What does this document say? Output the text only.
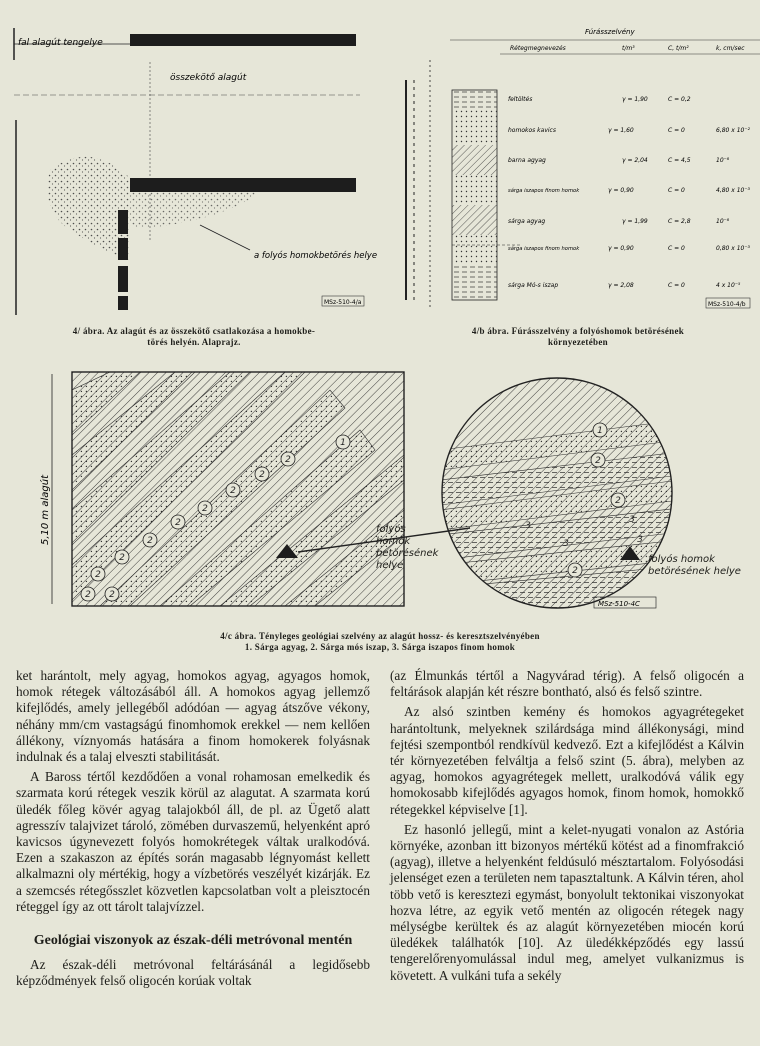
fal alagút tengelye
összekötő alagút
a folyós homokbetörés helye
MSz-510-4/a
4/ ábra. Az alagút és az összekötő csatlakozása a homokbe-
törés helyén. Alaprajz.
Fúrásszelvény
Rétegmegnevezés	t/m³	C, t/m²	k, cm/sec
feltöltés	γ = 1,90	C = 0,2
homokos kavics	γ = 1,60	C = 0	6,80 x 10⁻²
barna agyag	γ = 2,04	C = 4,5	10⁻⁸
sárga iszapos finom homok	γ = 0,90	C = 0	4,80 x 10⁻³
sárga agyag	γ = 1,99	C = 2,8	10⁻⁸
sárga iszapos finom homok	γ = 0,90	C = 0	0,80 x 10⁻³
sárga Mó-s iszap	γ = 2,08	C = 0	4 x 10⁻⁵
MSz-510-4/b
4/b ábra. Fúrásszelvény a folyóshomok betörésének
környezetében
5,10 m alagút
1
2
2
2
2
2
2
2
2
2 2
folyós
homok
betörésének
helye
1
2
2
2
3
3
3
3
folyós homok
betörésének helye
MSz-510-4C
4/c ábra. Tényleges geológiai szelvény az alagút hossz- és keresztszelvényében
1. Sárga agyag, 2. Sárga mós iszap, 3. Sárga iszapos finom homok

ket harántolt, mely agyag, homokos agyag, agyagos homok, homok rétegek változásából áll. A homokos agyag jellemző kifejlődés, amely jellegéből adódóan — agyag átszőve vékony, néhány mm/cm vastagságú finomhomok erekkel — nem kellően állékony, víznyomás hatására a finom homokerek folyásnak indulnak és a talaj elveszti stabilitását.

A Baross tértől kezdődően a vonal rohamosan emelkedik és szarmata korú rétegek veszik körül az alagutat. A szarmata korú üledék főleg kövér agyag talajokból áll, de pl. az Ügető alatt agresszív talajvizet tároló, zömében durvaszemű, helyenként apró kavicsos úgynevezett folyós homokrétegek váltak uralkodóvá. Ezen a szakaszon az építés során magasabb légnyomást kellett alkalmazni oly mértékig, hogy a vízbetörés veszélyét kizárják. Ez a szemcsés rétegősszlet közvetlen kapcsolatban volt a pleisztocén réteggel így az ott tárolt talajvízzel.

Geológiai viszonyok az észak-déli metróvonal mentén

Az észak-déli metróvonal feltárásánál a legidősebb képződmények felső oligocén korúak voltak

(az Élmunkás tértől a Nagyvárad térig). A felső oligocén a feltárások alapján két részre bontható, alsó és felső szintre.

Az alsó szintben kemény és homokos agyagrétegeket harántoltunk, melyeknek szilárdsága mind állékonysági, mind fejtési szempontból rendkívül kedvező. Ezt a kifejlődést a Kálvin tér környezetében felváltja a felső szint (5. ábra), melyben az agyag, homokos agyagrétegek mellett, uralkodóvá válik egy homokosabb kifejlődés agyagos homok, finom homok, homokkő rétegekkel képviselve [1].

Ez hasonló jellegű, mint a kelet-nyugati vonalon az Astória környéke, azonban itt bizonyos mértékű kötést ad a finomfrakció (agyag), illetve a helyenként feldúsuló mésztartalom. Folyósodási jelenséget ezen a területen nem tapasztaltunk. A Kálvin téren, ahol több vető is keresztezi egymást, bonyolult tektonikai viszonyokat hozva létre, az egyik vető mentén az oligocén rétegek nagy mélységbe kerültek és az alagút környezetében miocén korú üledékek találhatók [10]. Az üledékképződés egy lassú tengerelőrenyomulással indul meg, amelyet vulkanizmus is követett. A vulkáni tufa a sekély
